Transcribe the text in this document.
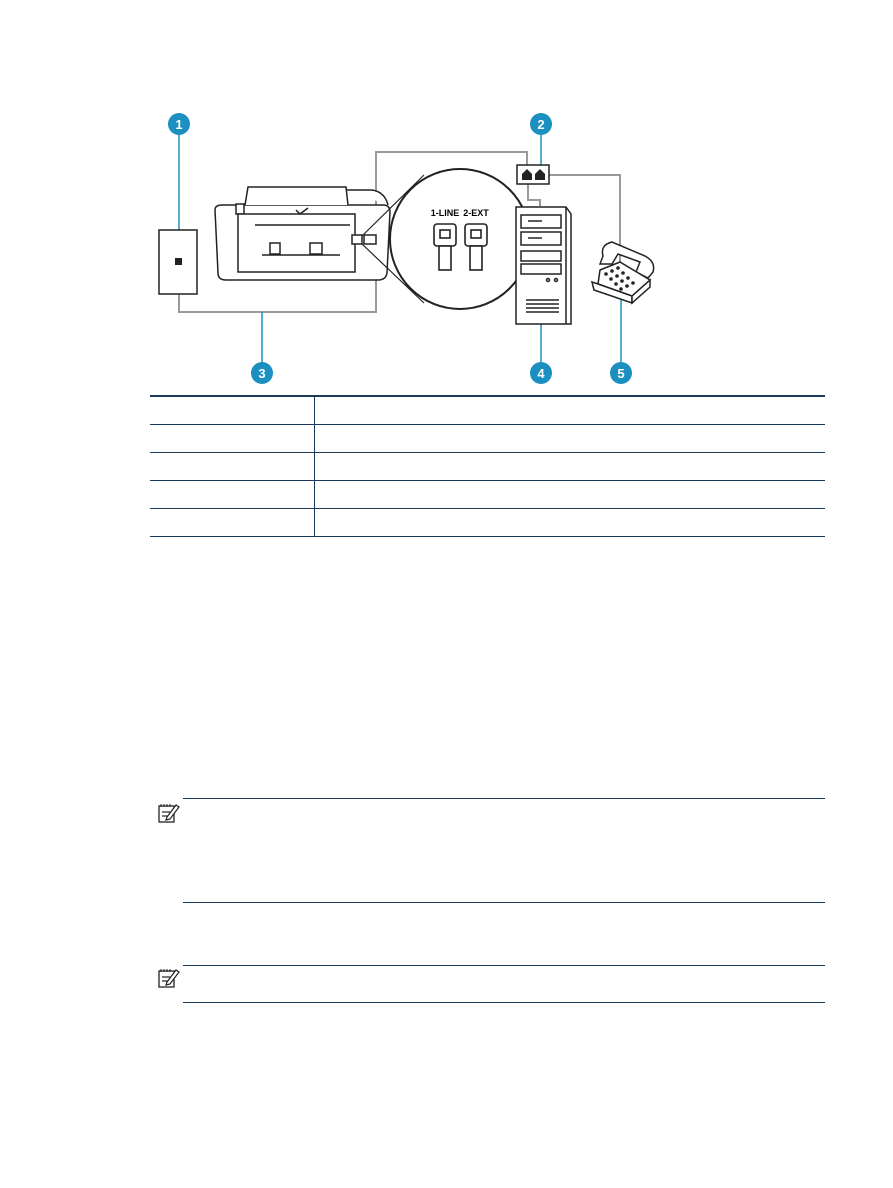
1-LINE 2-EXT
1	2
3	4	5
